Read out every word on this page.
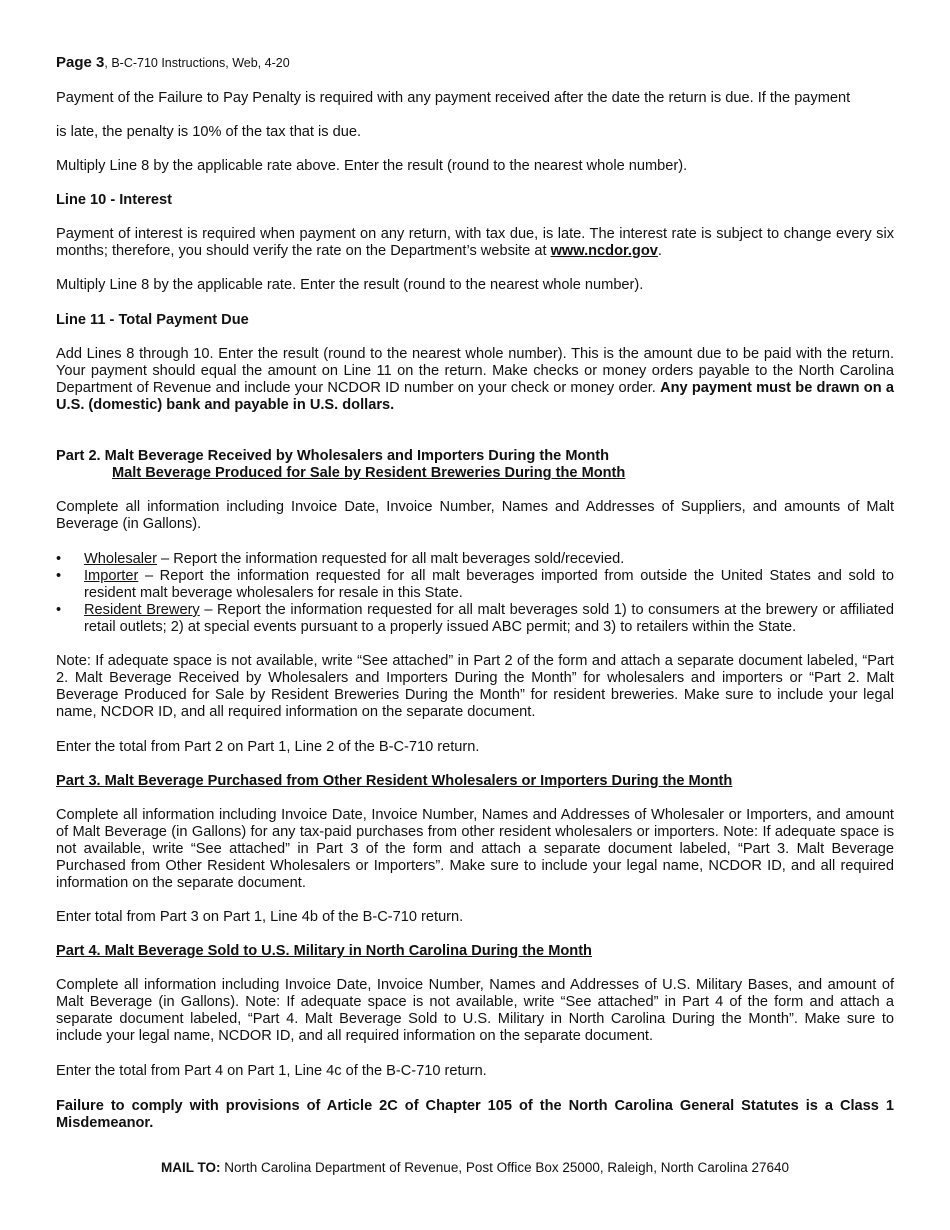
Page 3, B-C-710 Instructions, Web, 4-20

Payment of the Failure to Pay Penalty is required with any payment received after the date the return is due. If the payment

is late, the penalty is 10% of the tax that is due.

Multiply Line 8 by the applicable rate above. Enter the result (round to the nearest whole number).

Line 10 - Interest

Payment of interest is required when payment on any return, with tax due, is late. The interest rate is subject to change every six months; therefore, you should verify the rate on the Department’s website at www.ncdor.gov.

Multiply Line 8 by the applicable rate. Enter the result (round to the nearest whole number).

Line 11 - Total Payment Due

Add Lines 8 through 10. Enter the result (round to the nearest whole number). This is the amount due to be paid with the return. Your payment should equal the amount on Line 11 on the return. Make checks or money orders payable to the North Carolina Department of Revenue and include your NCDOR ID number on your check or money order. Any payment must be drawn on a U.S. (domestic) bank and payable in U.S. dollars.

Part 2. Malt Beverage Received by Wholesalers and Importers During the Month
Malt Beverage Produced for Sale by Resident Breweries During the Month

Complete all information including Invoice Date, Invoice Number, Names and Addresses of Suppliers, and amounts of Malt Beverage (in Gallons).

• Wholesaler – Report the information requested for all malt beverages sold/recevied.
• Importer – Report the information requested for all malt beverages imported from outside the United States and sold to resident malt beverage wholesalers for resale in this State.
• Resident Brewery – Report the information requested for all malt beverages sold 1) to consumers at the brewery or affiliated retail outlets; 2) at special events pursuant to a properly issued ABC permit; and 3) to retailers within the State.

Note: If adequate space is not available, write “See attached” in Part 2 of the form and attach a separate document labeled, “Part 2. Malt Beverage Received by Wholesalers and Importers During the Month” for wholesalers and importers or “Part 2. Malt Beverage Produced for Sale by Resident Breweries During the Month” for resident breweries. Make sure to include your legal name, NCDOR ID, and all required information on the separate document.

Enter the total from Part 2 on Part 1, Line 2 of the B-C-710 return.

Part 3. Malt Beverage Purchased from Other Resident Wholesalers or Importers During the Month

Complete all information including Invoice Date, Invoice Number, Names and Addresses of Wholesaler or Importers, and amount of Malt Beverage (in Gallons) for any tax-paid purchases from other resident wholesalers or importers. Note: If adequate space is not available, write “See attached” in Part 3 of the form and attach a separate document labeled, “Part 3. Malt Beverage Purchased from Other Resident Wholesalers or Importers”. Make sure to include your legal name, NCDOR ID, and all required information on the separate document.

Enter total from Part 3 on Part 1, Line 4b of the B-C-710 return.

Part 4. Malt Beverage Sold to U.S. Military in North Carolina During the Month

Complete all information including Invoice Date, Invoice Number, Names and Addresses of U.S. Military Bases, and amount of Malt Beverage (in Gallons). Note: If adequate space is not available, write “See attached” in Part 4 of the form and attach a separate document labeled, “Part 4. Malt Beverage Sold to U.S. Military in North Carolina During the Month”. Make sure to include your legal name, NCDOR ID, and all required information on the separate document.

Enter the total from Part 4 on Part 1, Line 4c of the B-C-710 return.

Failure to comply with provisions of Article 2C of Chapter 105 of the North Carolina General Statutes is a Class 1 Misdemeanor.

MAIL TO: North Carolina Department of Revenue, Post Office Box 25000, Raleigh, North Carolina 27640
